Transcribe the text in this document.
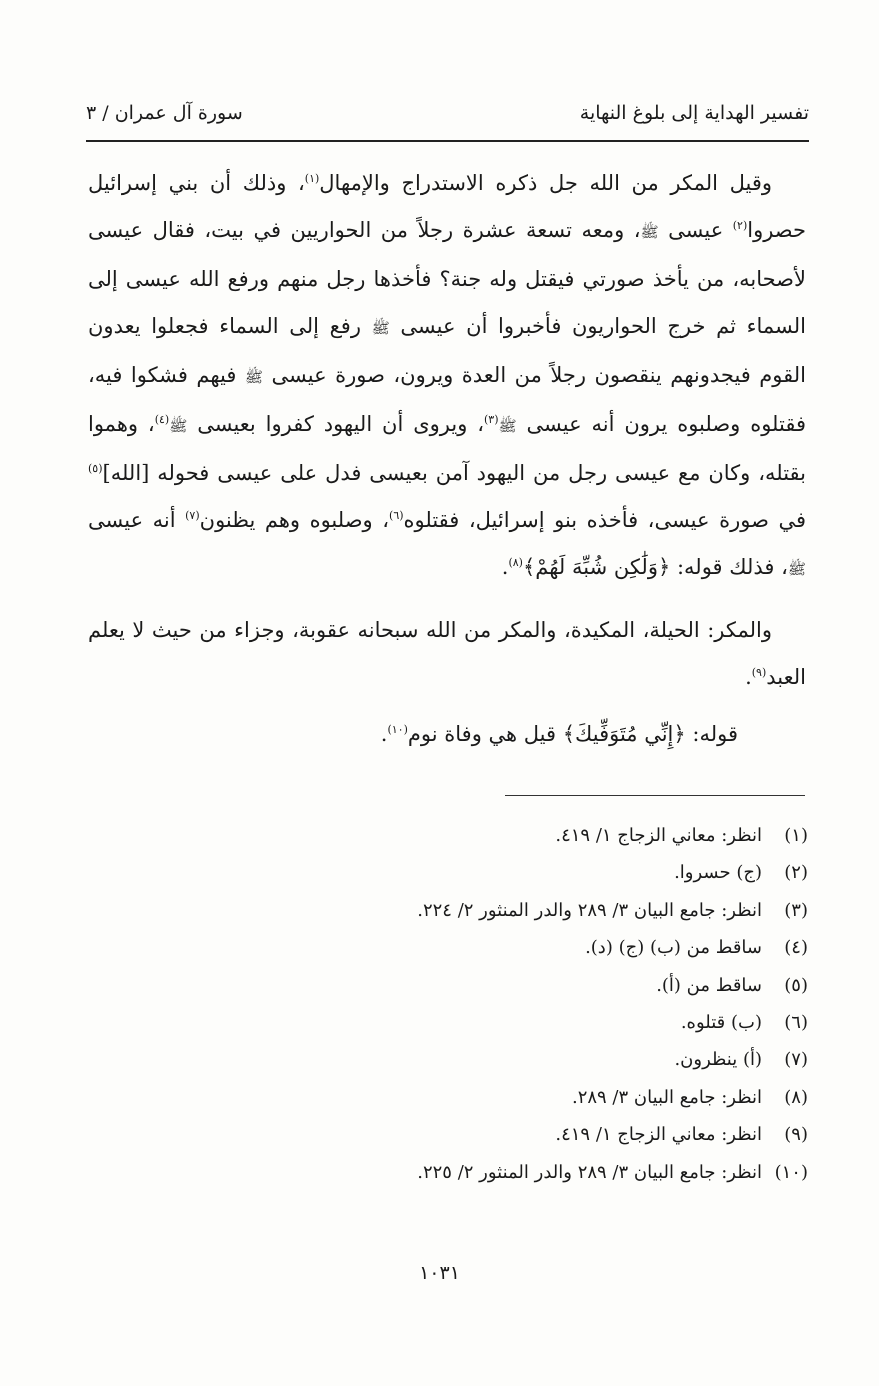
تفسير الهداية إلى بلوغ النهاية
سورة آل عمران / ٣

وقيل المكر من الله جل ذكره الاستدراج والإمهال$^{(١)}$، وذلك أن بني إسرائيل حصروا$^{(٢)}$ عيسى ﷺ، ومعه تسعة عشرة رجلاً من الحواريين في بيت، فقال عيسى لأصحابه، من يأخذ صورتي فيقتل وله جنة؟ فأخذها رجل منهم ورفع الله عيسى إلى السماء ثم خرج الحواريون فأخبروا أن عيسى ﷺ رفع إلى السماء فجعلوا يعدون القوم فيجدونهم ينقصون رجلاً من العدة ويرون، صورة عيسى ﷺ فيهم فشكوا فيه، فقتلوه وصلبوه يرون أنه عيسى ﷺ$^{(٣)}$، ويروى أن اليهود كفروا بعيسى ﷺ$^{(٤)}$، وهموا بقتله، وكان مع عيسى رجل من اليهود آمن بعيسى فدل على عيسى فحوله [الله]$^{(٥)}$ في صورة عيسى، فأخذه بنو إسرائيل، فقتلوه$^{(٦)}$، وصلبوه وهم يظنون$^{(٧)}$ أنه عيسى ﷺ، فذلك قوله: ﴿وَلَٰكِن شُبِّهَ لَهُمْ﴾$^{(٨)}$.

والمكر: الحيلة، المكيدة، والمكر من الله سبحانه عقوبة، وجزاء من حيث لا يعلم العبد$^{(٩)}$.

قوله: ﴿إِنِّي مُتَوَفِّيكَ﴾ قيل هي وفاة نوم$^{(١٠)}$.

(١)انظر: معاني الزجاج ١/ ٤١٩.
(٢)(ج) حسروا.
(٣)انظر: جامع البيان ٣/ ٢٨٩ والدر المنثور ٢/ ٢٢٤.
(٤)ساقط من (ب) (ج) (د).
(٥)ساقط من (أ).
(٦)(ب) قتلوه.
(٧)(أ) ينظرون.
(٨)انظر: جامع البيان ٣/ ٢٨٩.
(٩)انظر: معاني الزجاج ١/ ٤١٩.
(١٠)انظر: جامع البيان ٣/ ٢٨٩ والدر المنثور ٢/ ٢٢٥.
١٠٣١
